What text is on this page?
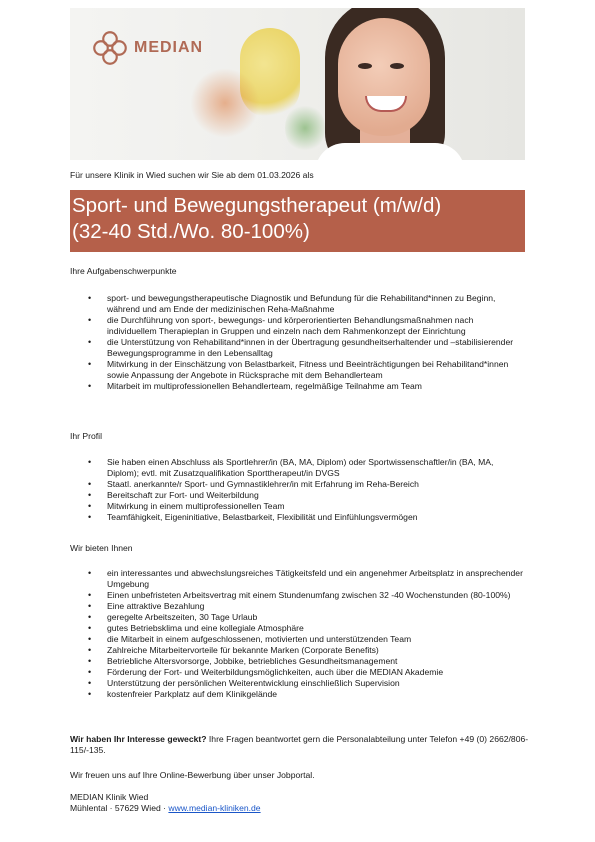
MEDIAN
Für unsere Klinik in Wied suchen wir Sie ab dem 01.03.2026 als
Sport- und Bewegungstherapeut (m/w/d)
(32-40 Std./Wo. 80-100%)
Ihre Aufgabenschwerpunkte
• sport- und bewegungstherapeutische Diagnostik und Befundung für die Rehabilitand*innen zu Beginn, während und am Ende der medizinischen Reha-Maßnahme
• die Durchführung von sport-, bewegungs- und körperorientierten Behandlungsmaßnahmen nach individuellem Therapieplan in Gruppen und einzeln nach dem Rahmenkonzept der Einrichtung
• die Unterstützung von Rehabilitand*innen in der Übertragung gesundheitserhaltender und –stabilisierender Bewegungsprogramme in den Lebensalltag
• Mitwirkung in der Einschätzung von Belastbarkeit, Fitness und Beeinträchtigungen bei Rehabilitand*innen sowie Anpassung der Angebote in Rücksprache mit dem Behandlerteam
• Mitarbeit im multiprofessionellen Behandlerteam, regelmäßige Teilnahme am Team
Ihr Profil
• Sie haben einen Abschluss als Sportlehrer/in (BA, MA, Diplom) oder Sportwissenschaftler/in (BA, MA, Diplom); evtl. mit Zusatzqualifikation Sporttherapeut/in DVGS
• Staatl. anerkannte/r Sport- und Gymnastiklehrer/in mit Erfahrung im Reha-Bereich
• Bereitschaft zur Fort- und Weiterbildung
• Mitwirkung in einem multiprofessionellen Team
• Teamfähigkeit, Eigeninitiative, Belastbarkeit, Flexibilität und Einfühlungsvermögen
Wir bieten Ihnen
• ein interessantes und abwechslungsreiches Tätigkeitsfeld und ein angenehmer Arbeitsplatz in ansprechender Umgebung
• Einen unbefristeten Arbeitsvertrag mit einem Stundenumfang zwischen 32 -40 Wochenstunden (80-100%)
• Eine attraktive Bezahlung
• geregelte Arbeitszeiten, 30 Tage Urlaub
• gutes Betriebsklima und eine kollegiale Atmosphäre
• die Mitarbeit in einem aufgeschlossenen, motivierten und unterstützenden Team
• Zahlreiche Mitarbeitervorteile für bekannte Marken (Corporate Benefits)
• Betriebliche Altersvorsorge, Jobbike, betriebliches Gesundheitsmanagement
• Förderung der Fort- und Weiterbildungsmöglichkeiten, auch über die MEDIAN Akademie
• Unterstützung der persönlichen Weiterentwicklung einschließlich Supervision
• kostenfreier Parkplatz auf dem Klinikgelände
Wir haben Ihr Interesse geweckt? Ihre Fragen beantwortet gern die Personalabteilung unter Telefon +49 (0) 2662/806-115/-135.
Wir freuen uns auf Ihre Online-Bewerbung über unser Jobportal.
MEDIAN Klinik Wied
Mühlental · 57629 Wied · www.median-kliniken.de
